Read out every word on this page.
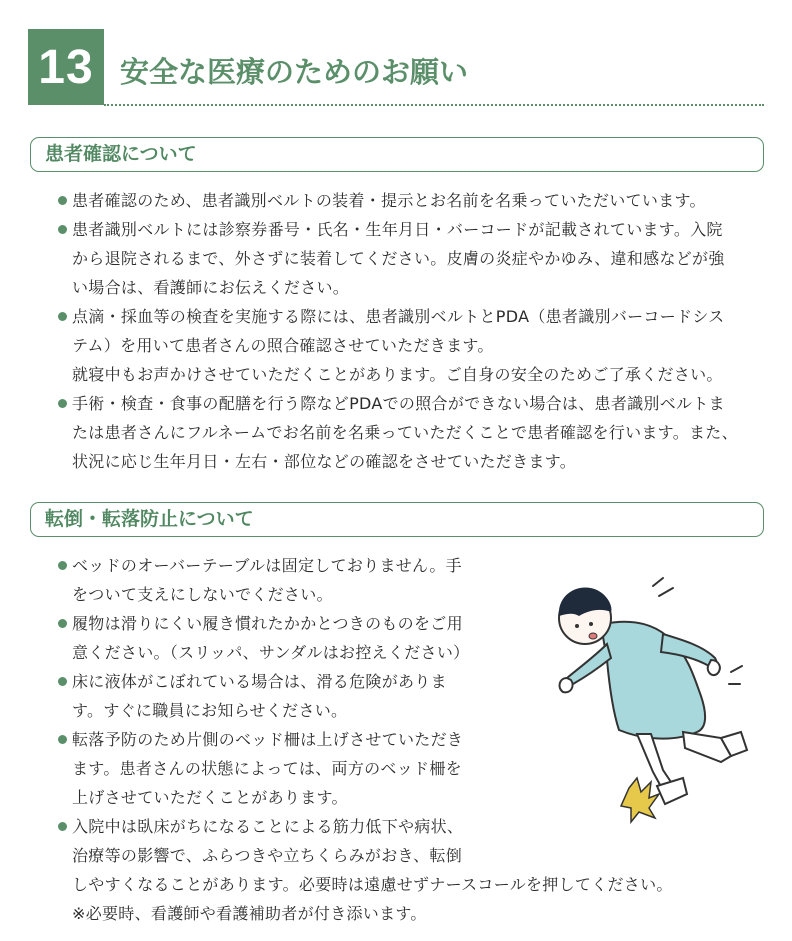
13 安全な医療のためのお願い
患者確認について
患者確認のため、患者識別ベルトの装着・提示とお名前を名乗っていただいています。
患者識別ベルトには診察券番号・氏名・生年月日・バーコードが記載されています。入院
から退院されるまで、外さずに装着してください。皮膚の炎症やかゆみ、違和感などが強
い場合は、看護師にお伝えください。
点滴・採血等の検査を実施する際には、患者識別ベルトとPDA（患者識別バーコードシス
テム）を用いて患者さんの照合確認させていただきます。
就寝中もお声かけさせていただくことがあります。ご自身の安全のためご了承ください。
手術・検査・食事の配膳を行う際などPDAでの照合ができない場合は、患者識別ベルトま
たは患者さんにフルネームでお名前を名乗っていただくことで患者確認を行います。また、
状況に応じ生年月日・左右・部位などの確認をさせていただきます。
転倒・転落防止について
ベッドのオーバーテーブルは固定しておりません。手
をついて支えにしないでください。
履物は滑りにくい履き慣れたかかとつきのものをご用
意ください。（スリッパ、サンダルはお控えください）
床に液体がこぼれている場合は、滑る危険がありま
す。すぐに職員にお知らせください。
転落予防のため片側のベッド柵は上げさせていただき
ます。患者さんの状態によっては、両方のベッド柵を
上げさせていただくことがあります。
入院中は臥床がちになることによる筋力低下や病状、
治療等の影響で、ふらつきや立ちくらみがおき、転倒
しやすくなることがあります。必要時は遠慮せずナースコールを押してください。
※必要時、看護師や看護補助者が付き添います。
